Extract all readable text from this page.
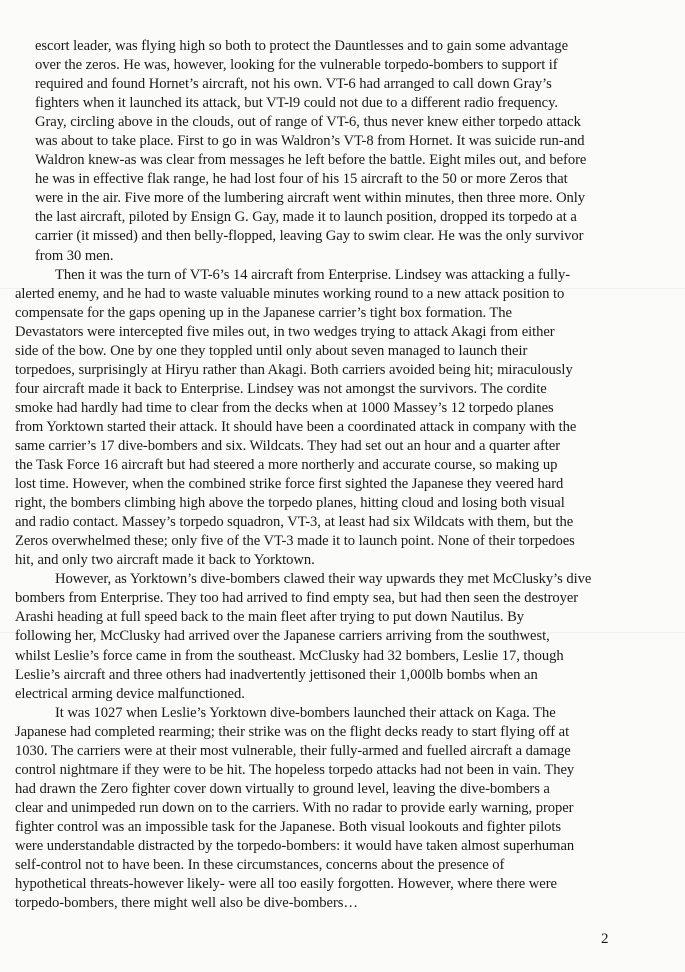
escort leader, was flying high so both to protect the Dauntlesses and to gain some advantage
over the zeros. He was, however, looking for the vulnerable torpedo-bombers to support if
required and found Hornet’s aircraft, not his own. VT-6 had arranged to call down Gray’s
fighters when it launched its attack, but VT-l9 could not due to a different radio frequency.
Gray, circling above in the clouds, out of range of VT-6, thus never knew either torpedo attack
was about to take place. First to go in was Waldron’s VT-8 from Hornet. It was suicide run-and
Waldron knew-as was clear from messages he left before the battle. Eight miles out, and before
he was in effective flak range, he had lost four of his 15 aircraft to the 50 or more Zeros that
were in the air. Five more of the lumbering aircraft went within minutes, then three more. Only
the last aircraft, piloted by Ensign G. Gay, made it to launch position, dropped its torpedo at a
carrier (it missed) and then belly-flopped, leaving Gay to swim clear. He was the only survivor
from 30 men.
Then it was the turn of VT-6’s 14 aircraft from Enterprise. Lindsey was attacking a fully-
alerted enemy, and he had to waste valuable minutes working round to a new attack position to
compensate for the gaps opening up in the Japanese carrier’s tight box formation. The
Devastators were intercepted five miles out, in two wedges trying to attack Akagi from either
side of the bow. One by one they toppled until only about seven managed to launch their
torpedoes, surprisingly at Hiryu rather than Akagi. Both carriers avoided being hit; miraculously
four aircraft made it back to Enterprise. Lindsey was not amongst the survivors. The cordite
smoke had hardly had time to clear from the decks when at 1000 Massey’s 12 torpedo planes
from Yorktown started their attack. It should have been a coordinated attack in company with the
same carrier’s 17 dive-bombers and six. Wildcats. They had set out an hour and a quarter after
the Task Force 16 aircraft but had steered a more northerly and accurate course, so making up
lost time. However, when the combined strike force first sighted the Japanese they veered hard
right, the bombers climbing high above the torpedo planes, hitting cloud and losing both visual
and radio contact. Massey’s torpedo squadron, VT-3, at least had six Wildcats with them, but the
Zeros overwhelmed these; only five of the VT-3 made it to launch point. None of their torpedoes
hit, and only two aircraft made it back to Yorktown.
However, as Yorktown’s dive-bombers clawed their way upwards they met McClusky’s dive
bombers from Enterprise. They too had arrived to find empty sea, but had then seen the destroyer
Arashi heading at full speed back to the main fleet after trying to put down Nautilus. By
following her, McClusky had arrived over the Japanese carriers arriving from the southwest,
whilst Leslie’s force came in from the southeast. McClusky had 32 bombers, Leslie 17, though
Leslie’s aircraft and three others had inadvertently jettisoned their 1,000lb bombs when an
electrical arming device malfunctioned.
It was 1027 when Leslie’s Yorktown dive-bombers launched their attack on Kaga. The
Japanese had completed rearming; their strike was on the flight decks ready to start flying off at
1030. The carriers were at their most vulnerable, their fully-armed and fuelled aircraft a damage
control nightmare if they were to be hit. The hopeless torpedo attacks had not been in vain. They
had drawn the Zero fighter cover down virtually to ground level, leaving the dive-bombers a
clear and unimpeded run down on to the carriers. With no radar to provide early warning, proper
fighter control was an impossible task for the Japanese. Both visual lookouts and fighter pilots
were understandable distracted by the torpedo-bombers: it would have taken almost superhuman
self-control not to have been. In these circumstances, concerns about the presence of
hypothetical threats-however likely- were all too easily forgotten. However, where there were
torpedo-bombers, there might well also be dive-bombers…
2
